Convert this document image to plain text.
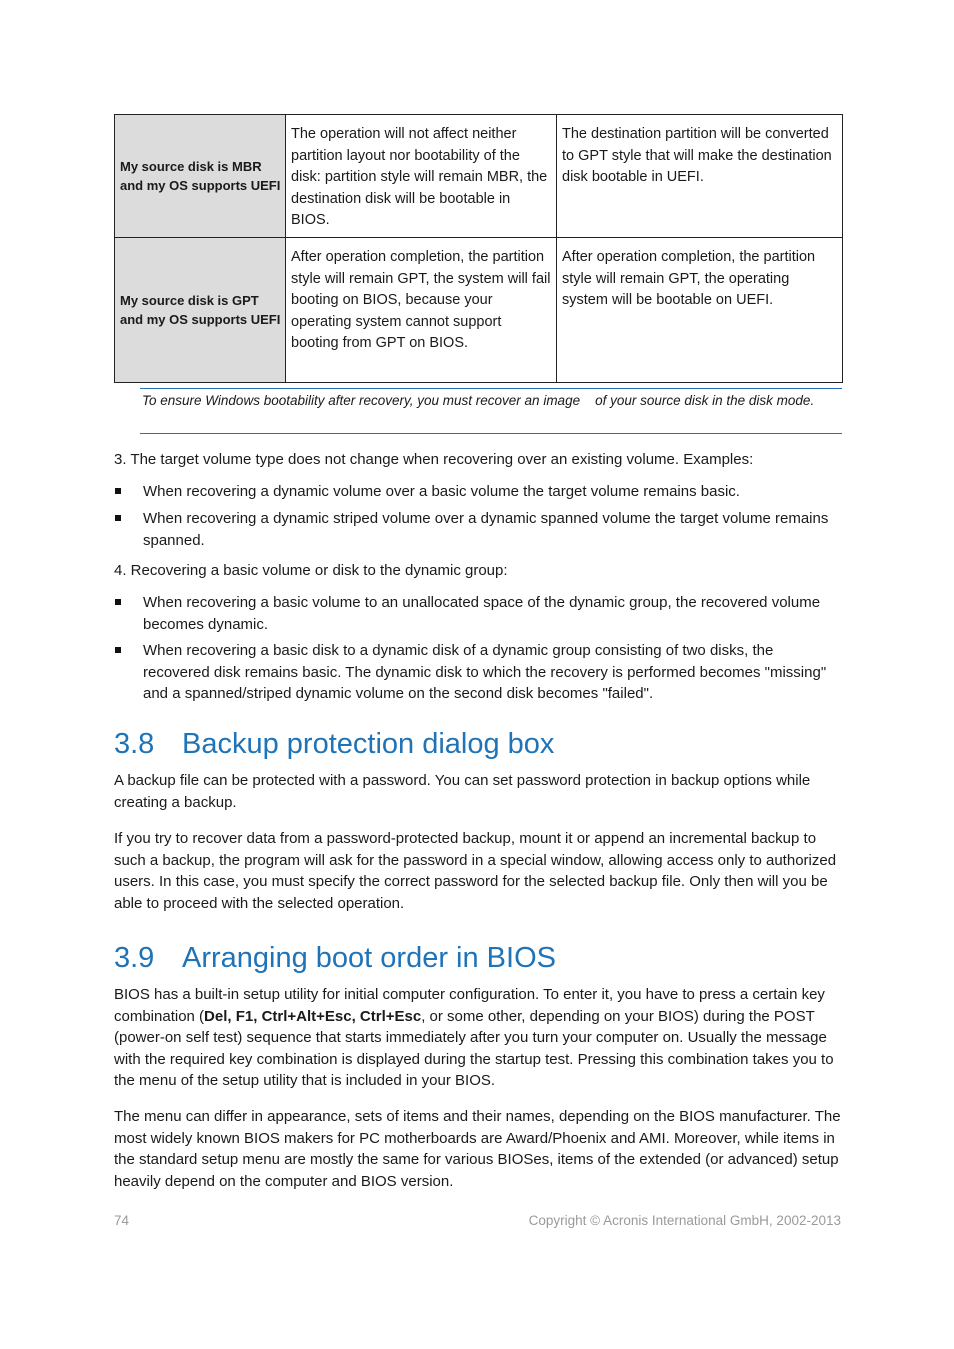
My source disk is MBR and my OS supports UEFI	The operation will not affect neither partition layout nor bootability of the disk: partition style will remain MBR, the destination disk will be bootable in BIOS.	The destination partition will be converted to GPT style that will make the destination disk bootable in UEFI.
My source disk is GPT and my OS supports UEFI	After operation completion, the partition style will remain GPT, the system will fail booting on BIOS, because your operating system cannot support booting from GPT on BIOS.	After operation completion, the partition style will remain GPT, the operating system will be bootable on UEFI.
To ensure Windows bootability after recovery, you must recover an image    of your source disk in the disk mode.

3. The target volume type does not change when recovering over an existing volume. Examples:

When recovering a dynamic volume over a basic volume the target volume remains basic.
When recovering a dynamic striped volume over a dynamic spanned volume the target volume remains spanned.

4. Recovering a basic volume or disk to the dynamic group:

When recovering a basic volume to an unallocated space of the dynamic group, the recovered volume becomes dynamic.
When recovering a basic disk to a dynamic disk of a dynamic group consisting of two disks, the recovered disk remains basic. The dynamic disk to which the recovery is performed becomes "missing" and a spanned/striped dynamic volume on the second disk becomes "failed".
3.8 Backup protection dialog box

A backup file can be protected with a password. You can set password protection in backup options while creating a backup.

If you try to recover data from a password-protected backup, mount it or append an incremental backup to such a backup, the program will ask for the password in a special window, allowing access only to authorized users. In this case, you must specify the correct password for the selected backup file. Only then will you be able to proceed with the selected operation.

3.9 Arranging boot order in BIOS

BIOS has a built-in setup utility for initial computer configuration. To enter it, you have to press a certain key combination (Del, F1, Ctrl+Alt+Esc, Ctrl+Esc, or some other, depending on your BIOS) during the POST (power-on self test) sequence that starts immediately after you turn your computer on. Usually the message with the required key combination is displayed during the startup test. Pressing this combination takes you to the menu of the setup utility that is included in your BIOS.

The menu can differ in appearance, sets of items and their names, depending on the BIOS manufacturer. The most widely known BIOS makers for PC motherboards are Award/Phoenix and AMI. Moreover, while items in the standard setup menu are mostly the same for various BIOSes, items of the extended (or advanced) setup heavily depend on the computer and BIOS version.

74	Copyright © Acronis International GmbH, 2002-2013
